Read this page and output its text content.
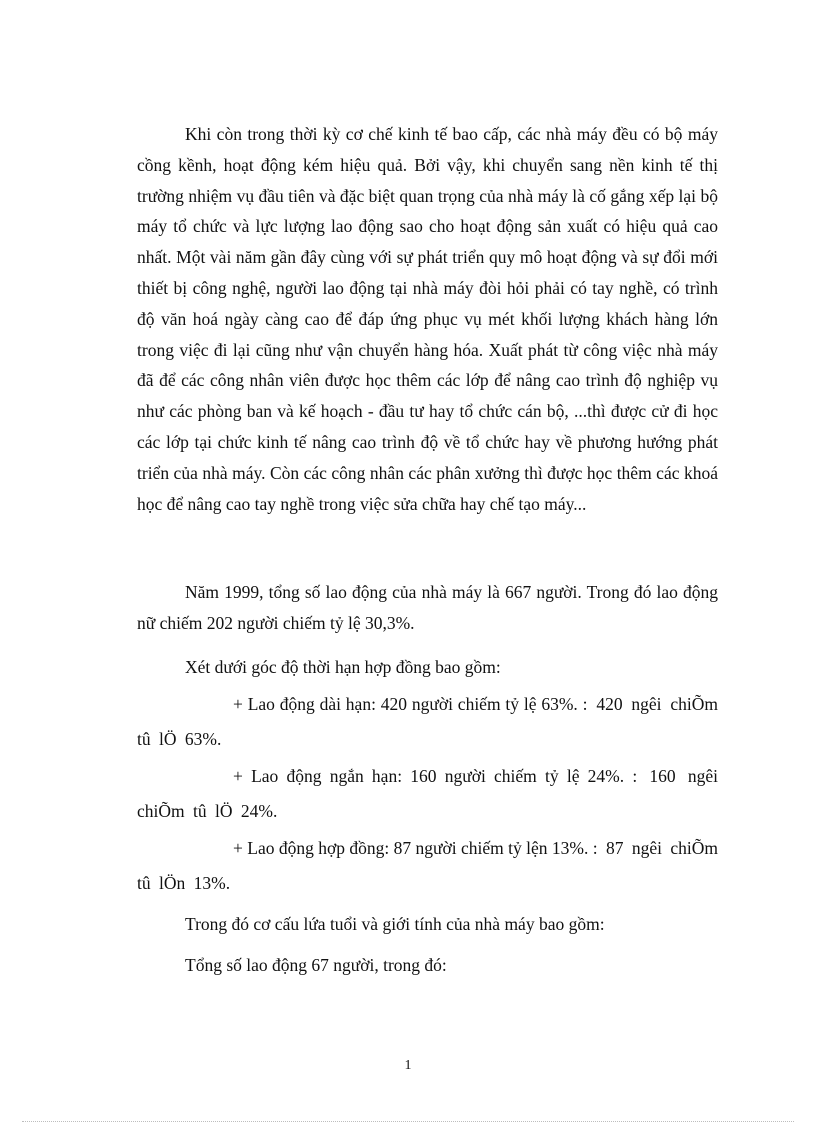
Khi còn trong thời kỳ cơ chế kinh tế bao cấp, các nhà máy đều có bộ máy cồng kềnh, hoạt động kém hiệu quả. Bởi vậy, khi chuyển sang nền kinh tế thị trường nhiệm vụ đầu tiên và đặc biệt quan trọng của nhà máy là cố gắng xếp lại bộ máy tổ chức và lực lượng lao động sao cho hoạt động sản xuất có hiệu quả cao nhất. Một vài năm gần đây cùng với sự phát triển quy mô hoạt động và sự đổi mới thiết bị công nghệ, người lao động tại nhà máy đòi hỏi phải có tay nghề, có trình độ văn hoá ngày càng cao để đáp ứng phục vụ mét khối lượng khách hàng lớn trong việc đi lại cũng như vận chuyển hàng hóa. Xuất phát từ công việc nhà máy đã để các công nhân viên được học thêm các lớp để nâng cao trình độ nghiệp vụ như các phòng ban và kế hoạch - đầu tư hay tổ chức cán bộ, ...thì được cử đi học các lớp tại chức kinh tế nâng cao trình độ về tổ chức hay về phương hướng phát triển của nhà máy. Còn các công nhân các phân xưởng thì được học thêm các khoá học để nâng cao tay nghề trong việc sửa chữa hay chế tạo máy...

Năm 1999, tổng số lao động của nhà máy là 667 người. Trong đó lao động nữ chiếm 202 người chiếm tỷ lệ 30,3%.

Xét dưới góc độ thời hạn hợp đồng bao gồm:

+ Lao động dài hạn: 420 người chiếm tỷ lệ 63%. : 420 ngêi chiÕm tû lÖ 63%.

+ Lao động ngắn hạn: 160 người chiếm tỷ lệ 24%. : 160 ngêi chiÕm tû lÖ 24%.

+ Lao động hợp đồng: 87 người chiếm tỷ lện 13%. : 87 ngêi chiÕm tû lÖn 13%.

Trong đó cơ cấu lứa tuổi và giới tính của nhà máy bao gồm:

Tổng số lao động 67 người, trong đó:

1
